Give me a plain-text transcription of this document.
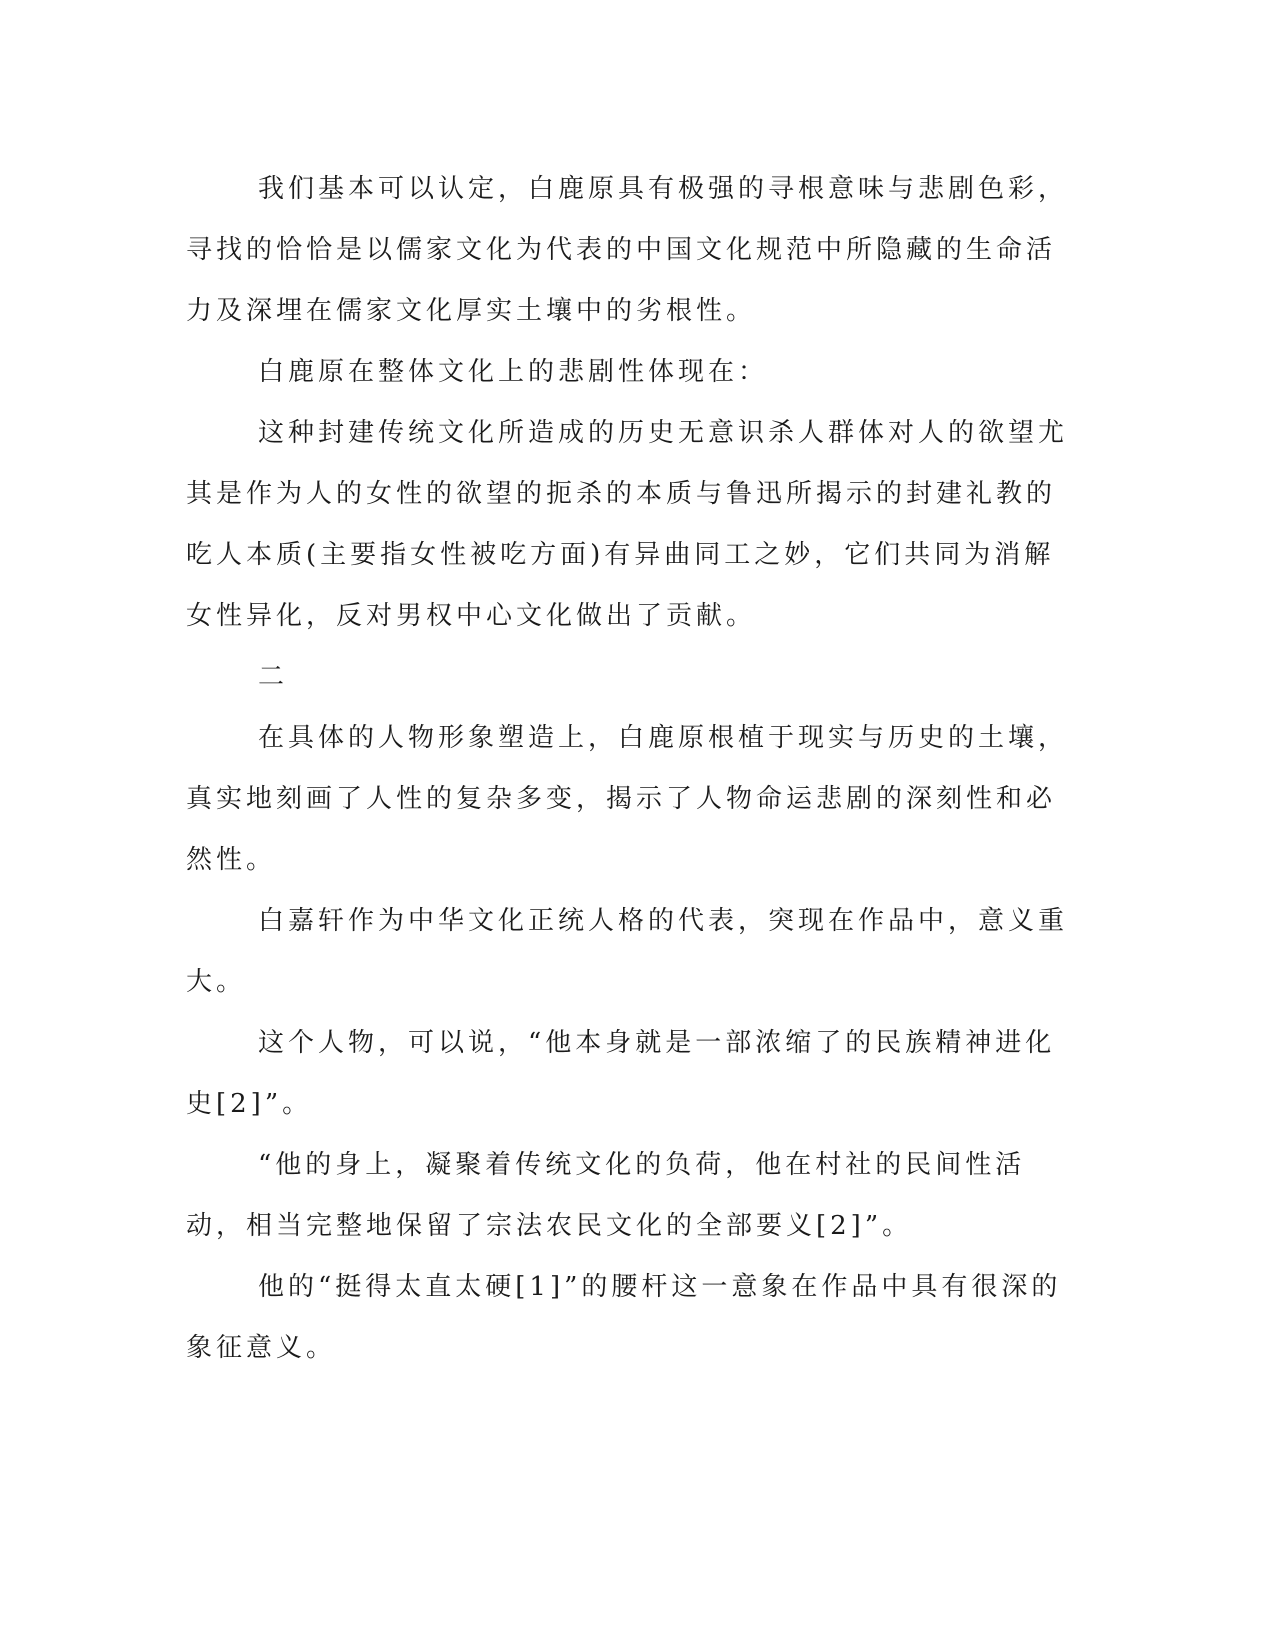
我们基本可以认定，白鹿原具有极强的寻根意味与悲剧色彩，寻找的恰恰是以儒家文化为代表的中国文化规范中所隐藏的生命活力及深埋在儒家文化厚实土壤中的劣根性。

白鹿原在整体文化上的悲剧性体现在：

这种封建传统文化所造成的历史无意识杀人群体对人的欲望尤其是作为人的女性的欲望的扼杀的本质与鲁迅所揭示的封建礼教的吃人本质(主要指女性被吃方面)有异曲同工之妙，它们共同为消解女性异化，反对男权中心文化做出了贡献。

二

在具体的人物形象塑造上，白鹿原根植于现实与历史的土壤，真实地刻画了人性的复杂多变，揭示了人物命运悲剧的深刻性和必然性。

白嘉轩作为中华文化正统人格的代表，突现在作品中，意义重大。

这个人物，可以说，“他本身就是一部浓缩了的民族精神进化史[2]”。

“他的身上，凝聚着传统文化的负荷，他在村社的民间性活动，相当完整地保留了宗法农民文化的全部要义[2]”。

他的“挺得太直太硬[1]”的腰杆这一意象在作品中具有很深的象征意义。
